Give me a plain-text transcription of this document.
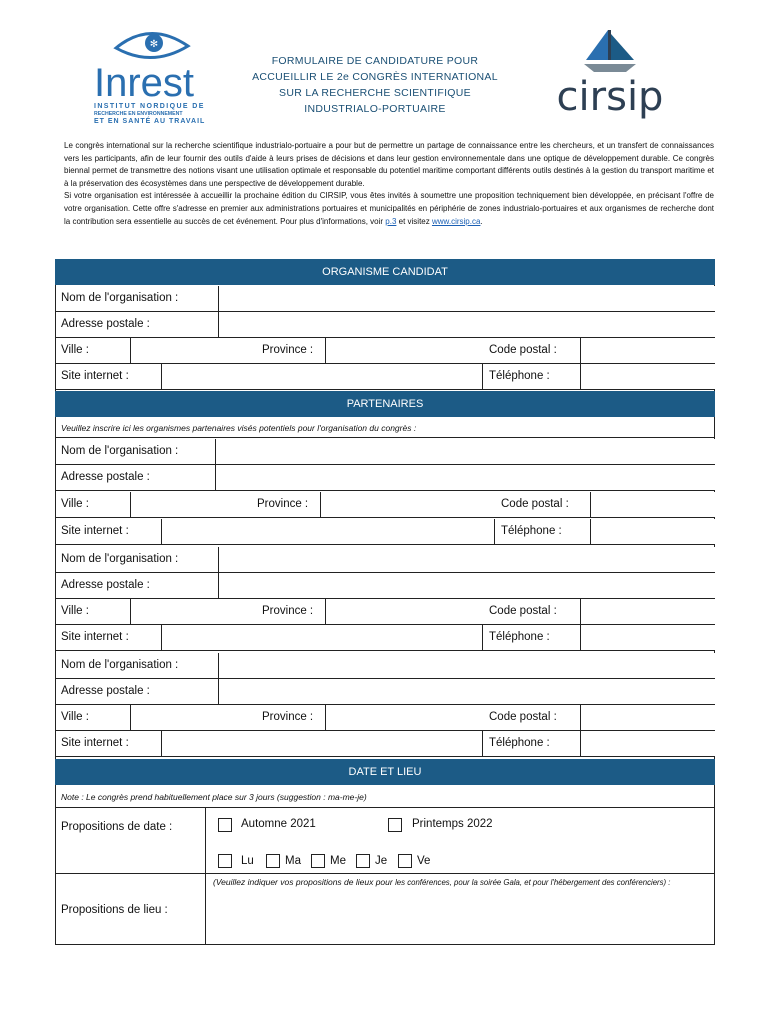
✻
Inrest
INSTITUT NORDIQUE DE
RECHERCHE EN ENVIRONNEMENT
ET EN SANTÉ AU TRAVAIL
FORMULAIRE DE CANDIDATURE POUR
ACCUEILLIR LE 2e CONGRÈS INTERNATIONAL
SUR LA RECHERCHE SCIENTIFIQUE
INDUSTRIALO-PORTUAIRE	cirsip

Le congrès international sur la recherche scientifique industrialo-portuaire a pour but de permettre un partage de connaissance entre les chercheurs, et un transfert de connaissances vers les participants, afin de leur fournir des outils d'aide à leurs prises de décisions et dans leur gestion environnementale dans une optique de développement durable. Ce congrès biennal permet de transmettre des notions visant une utilisation optimale et responsable du potentiel maritime comportant différents outils destinés à la gestion du transport maritime et à la préservation des écosystèmes dans une perspective de développement durable.

Si votre organisation est intéressée à accueillir la prochaine édition du CIRSIP, vous êtes invités à soumettre une proposition techniquement bien développée, en précisant l'offre de votre organisation. Cette offre s'adresse en premier aux administrations portuaires et municipalités en périphérie de zones industrialo-portuaires et aux organismes de recherche dont la contribution sera essentielle au succès de cet événement. Pour plus d'informations, voir p.3 et visitez www.cirsip.ca.

ORGANISME CANDIDAT
Nom de l'organisation :
Adresse postale :
Ville :	Province :	Code postal :
Site internet :	Téléphone :
PARTENAIRES
Veuillez inscrire ici les organismes partenaires visés potentiels pour l'organisation du congrès :
Nom de l'organisation :
Adresse postale :
Ville :	Province :	Code postal :
Site internet :	Téléphone :
Nom de l'organisation :
Adresse postale :
Ville :	Province :	Code postal :
Site internet :	Téléphone :
Nom de l'organisation :
Adresse postale :
Ville :	Province :	Code postal :
Site internet :	Téléphone :
DATE ET LIEU
Note : Le congrès prend habituellement place sur 3 jours (suggestion : ma-me-je)
Propositions de date :	Automne 2021	Printemps 2022
Lu	Ma	Me	Je	Ve
Propositions de lieu :
(Veuillez indiquer vos propositions de lieux pour les conférences, pour la soirée Gala, et pour l'hébergement des conférenciers) :
